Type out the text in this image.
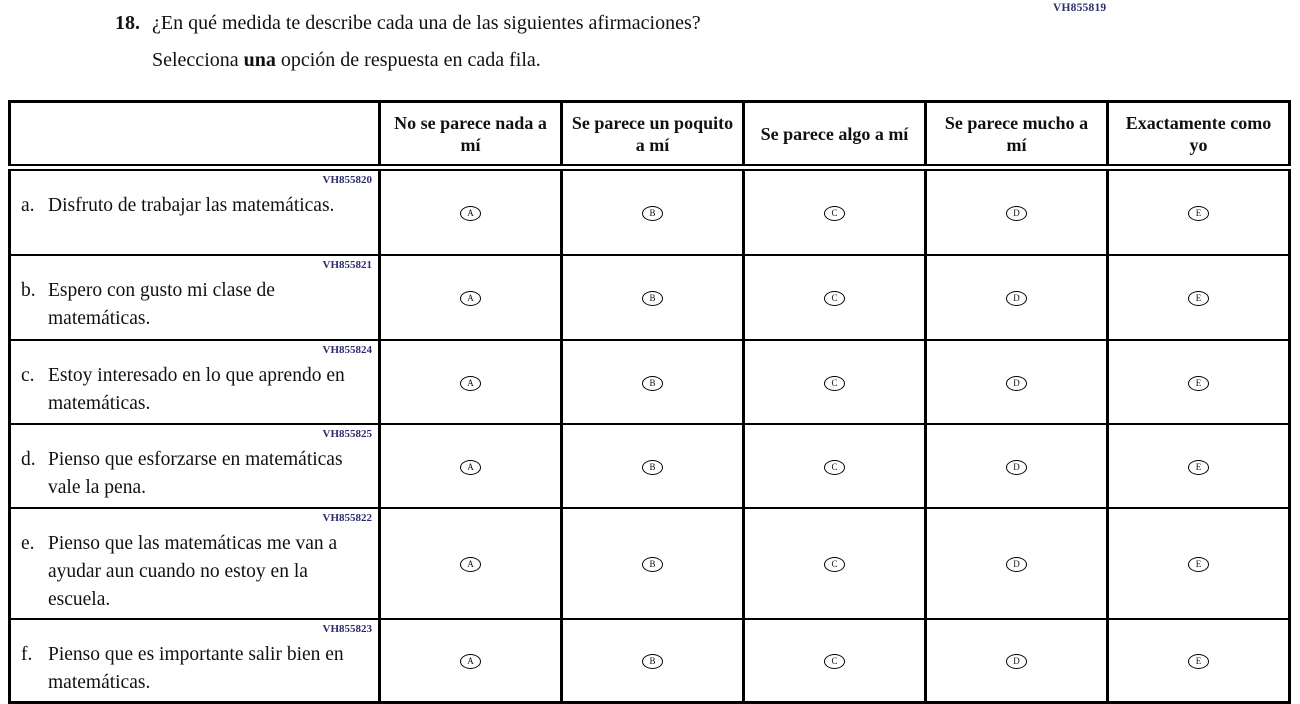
VH855819
18. ¿En qué medida te describe cada una de las siguientes afirmaciones?
Selecciona una opción de respuesta en cada fila.
	No se parece nada a mí	Se parece un poquito a mí	Se parece algo a mí	Se parece mucho a mí	Exactamente como yo

VH855820
a. Disfruto de trabajar las matemáticas.	A	B	C	D	E

VH855821
b. Espero con gusto mi clase de matemáticas.	A	B	C	D	E

VH855824
c. Estoy interesado en lo que aprendo en matemáticas.	A	B	C	D	E

VH855825
d. Pienso que esforzarse en matemáticas vale la pena.	A	B	C	D	E

VH855822
e. Pienso que las matemáticas me van a ayudar aun cuando no estoy en la escuela.	A	B	C	D	E

VH855823
f. Pienso que es importante salir bien en matemáticas.	A	B	C	D	E
